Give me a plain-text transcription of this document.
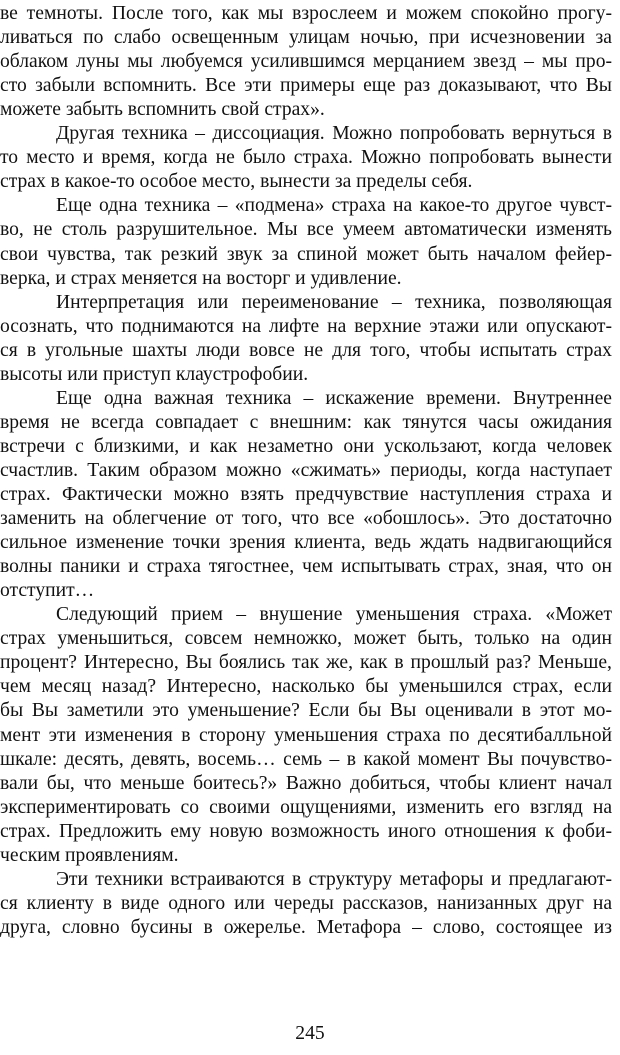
ве темноты. После того, как мы взрослеем и можем спокойно прогу-
ливаться по слабо освещенным улицам ночью, при исчезновении за
облаком луны мы любуемся усилившимся мерцанием звезд – мы про-
сто забыли вспомнить. Все эти примеры еще раз доказывают, что Вы
можете забыть вспомнить свой страх».
Другая техника – диссоциация. Можно попробовать вернуться в
то место и время, когда не было страха. Можно попробовать вынести
страх в какое-то особое место, вынести за пределы себя.
Еще одна техника – «подмена» страха на какое-то другое чувст-
во, не столь разрушительное. Мы все умеем автоматически изменять
свои чувства, так резкий звук за спиной может быть началом фейер-
верка, и страх меняется на восторг и удивление.
Интерпретация или переименование – техника, позволяющая
осознать, что поднимаются на лифте на верхние этажи или опускают-
ся в угольные шахты люди вовсе не для того, чтобы испытать страх
высоты или приступ клаустрофобии.
Еще одна важная техника – искажение времени. Внутреннее
время не всегда совпадает с внешним: как тянутся часы ожидания
встречи с близкими, и как незаметно они ускользают, когда человек
счастлив. Таким образом можно «сжимать» периоды, когда наступает
страх. Фактически можно взять предчувствие наступления страха и
заменить на облегчение от того, что все «обошлось». Это достаточно
сильное изменение точки зрения клиента, ведь ждать надвигающийся
волны паники и страха тягостнее, чем испытывать страх, зная, что он
отступит…
Следующий прием – внушение уменьшения страха. «Может
страх уменьшиться, совсем немножко, может быть, только на один
процент? Интересно, Вы боялись так же, как в прошлый раз? Меньше,
чем месяц назад? Интересно, насколько бы уменьшился страх, если
бы Вы заметили это уменьшение? Если бы Вы оценивали в этот мо-
мент эти изменения в сторону уменьшения страха по десятибалльной
шкале: десять, девять, восемь… семь – в какой момент Вы почувство-
вали бы, что меньше боитесь?» Важно добиться, чтобы клиент начал
экспериментировать со своими ощущениями, изменить его взгляд на
страх. Предложить ему новую возможность иного отношения к фоби-
ческим проявлениям.
Эти техники встраиваются в структуру метафоры и предлагают-
ся клиенту в виде одного или череды рассказов, нанизанных друг на
друга, словно бусины в ожерелье. Метафора – слово, состоящее из
245
